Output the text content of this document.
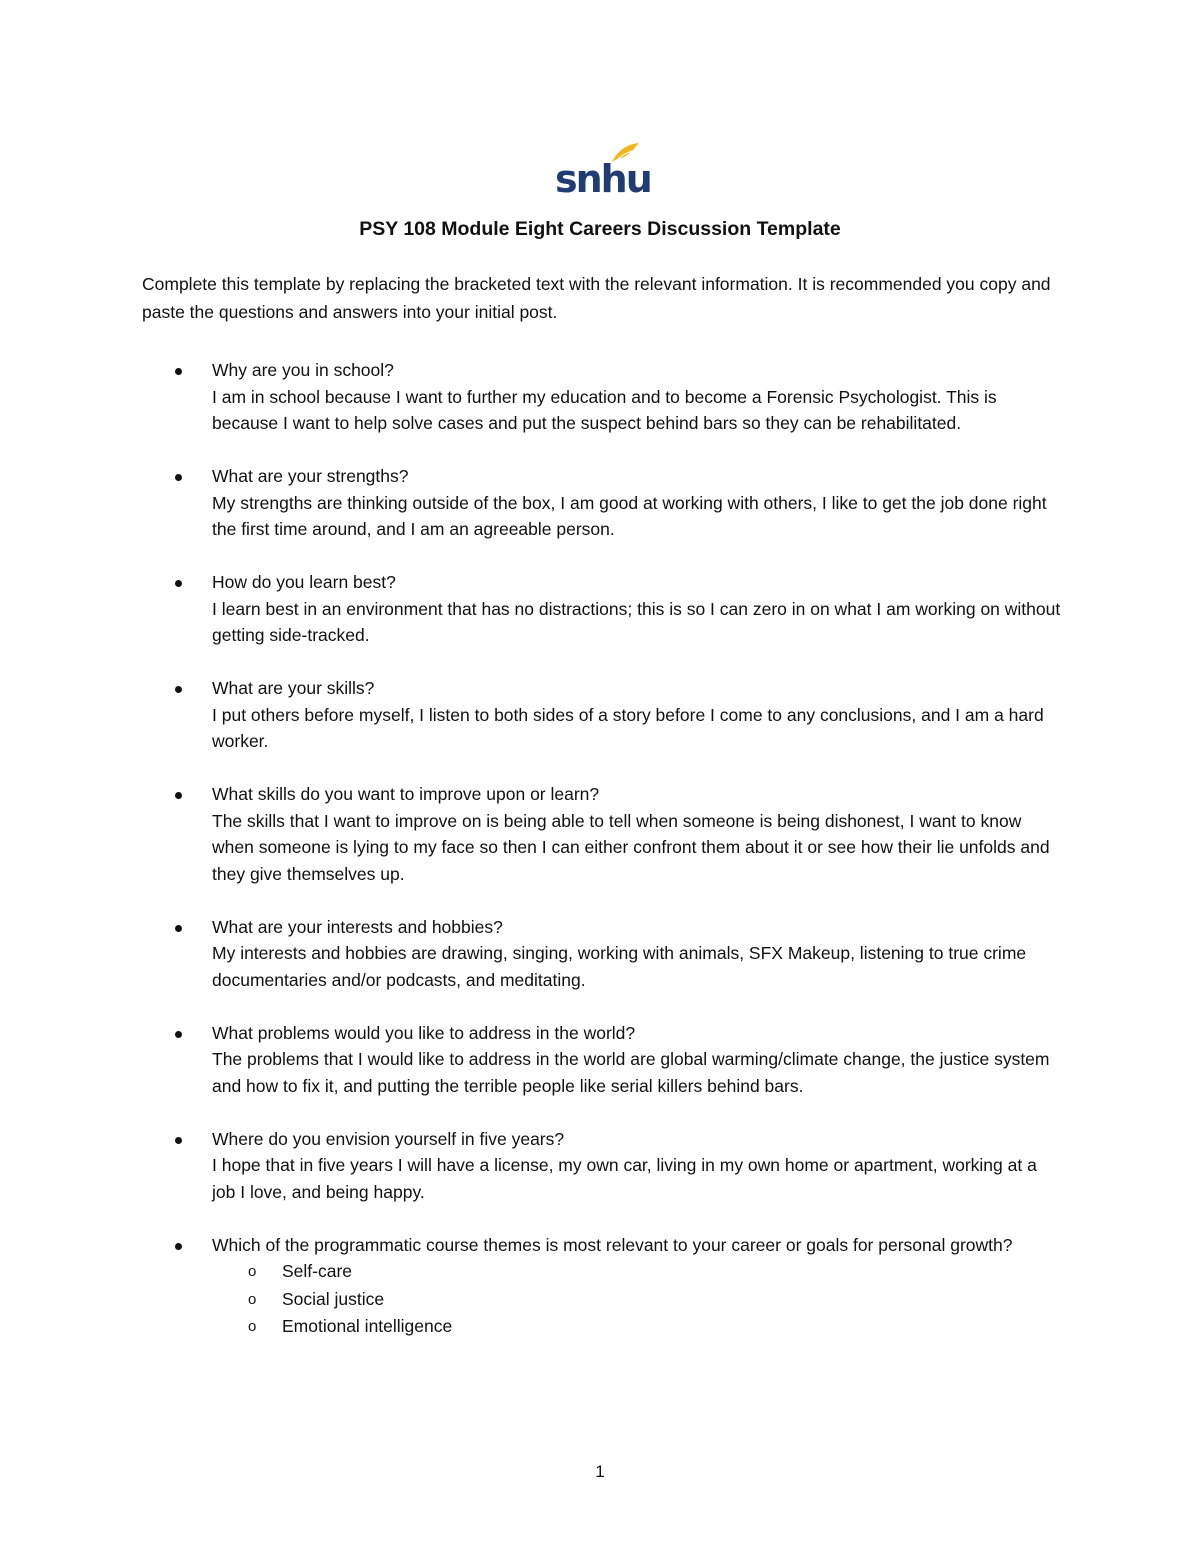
snhu
PSY 108 Module Eight Careers Discussion Template
Complete this template by replacing the bracketed text with the relevant information. It is recommended you copy and paste the questions and answers into your initial post.
Why are you in school?
I am in school because I want to further my education and to become a Forensic Psychologist. This is because I want to help solve cases and put the suspect behind bars so they can be rehabilitated.
What are your strengths?
My strengths are thinking outside of the box, I am good at working with others, I like to get the job done right the first time around, and I am an agreeable person.
How do you learn best?
I learn best in an environment that has no distractions; this is so I can zero in on what I am working on without getting side-tracked.
What are your skills?
I put others before myself, I listen to both sides of a story before I come to any conclusions, and I am a hard worker.
What skills do you want to improve upon or learn?
The skills that I want to improve on is being able to tell when someone is being dishonest, I want to know when someone is lying to my face so then I can either confront them about it or see how their lie unfolds and they give themselves up.
What are your interests and hobbies?
My interests and hobbies are drawing, singing, working with animals, SFX Makeup, listening to true crime documentaries and/or podcasts, and meditating.
What problems would you like to address in the world?
The problems that I would like to address in the world are global warming/climate change, the justice system and how to fix it, and putting the terrible people like serial killers behind bars.
Where do you envision yourself in five years?
I hope that in five years I will have a license, my own car, living in my own home or apartment, working at a job I love, and being happy.
Which of the programmatic course themes is most relevant to your career or goals for personal growth?
o Self-care
o Social justice
o Emotional intelligence
1
